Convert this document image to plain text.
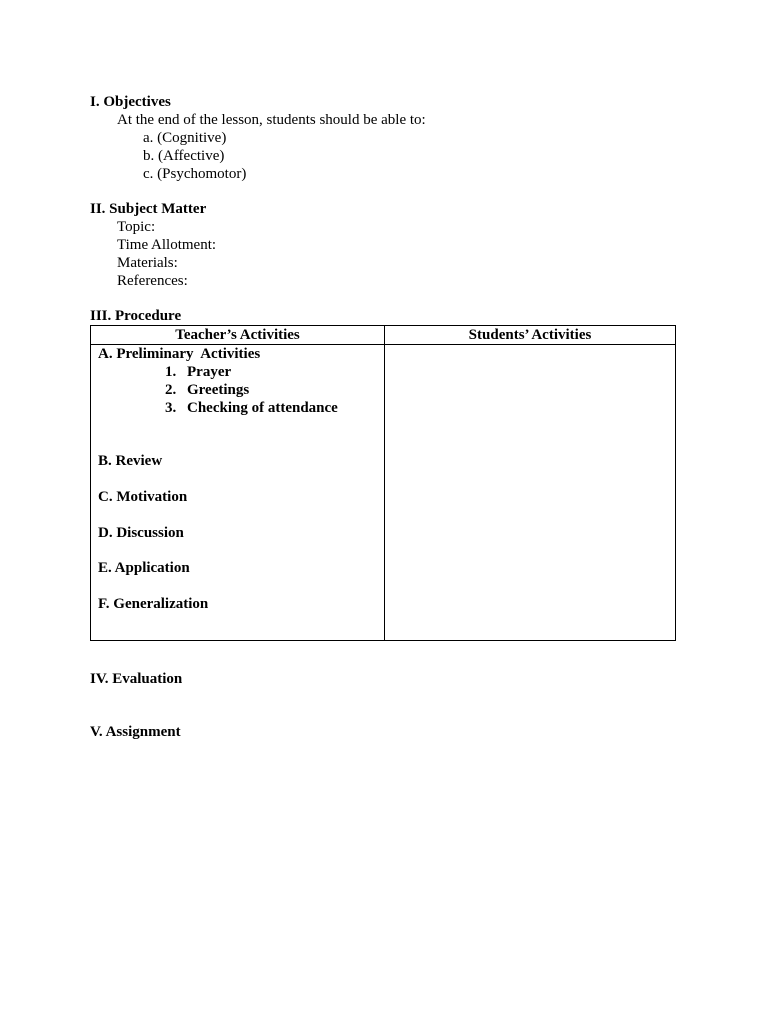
I. Objectives
At the end of the lesson, students should be able to:
a. (Cognitive)
b. (Affective)
c. (Psychomotor)
II. Subject Matter
Topic:
Time Allotment:
Materials:
References:
III. Procedure
Teacher’s Activities	Students’ Activities
A. Preliminary  Activities
1. Prayer
2. Greetings
3. Checking of attendance
B. Review
C. Motivation
D. Discussion
E. Application
F. Generalization
IV. Evaluation
V. Assignment
